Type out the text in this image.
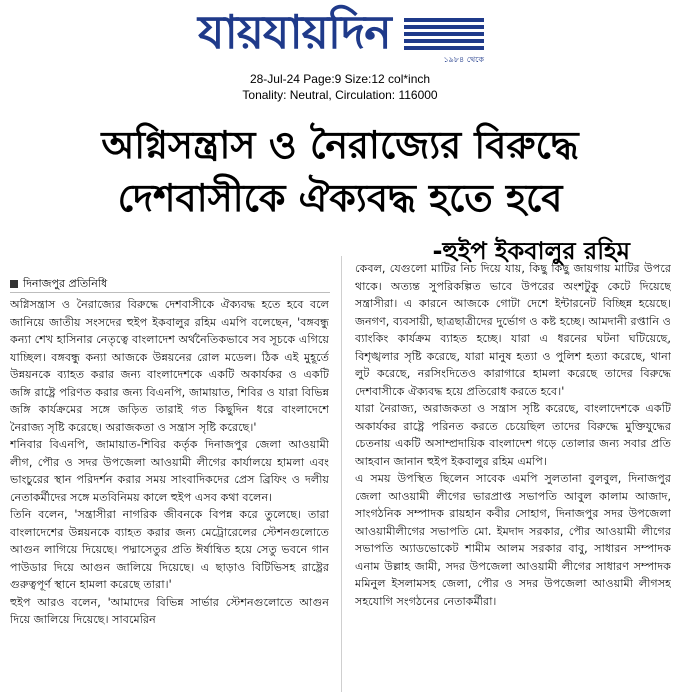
যায়যায়দিন
১৯৮৪ থেকে
28-Jul-24 Page:9 Size:12 col*inch
Tonality: Neutral, Circulation: 116000
অগ্নিসন্ত্রাস ও নৈরাজ্যের বিরুদ্ধে
দেশবাসীকে ঐক্যবদ্ধ হতে হবে
-হুইপ ইকবালুর রহিম
দিনাজপুর প্রতিনিধি

অগ্নিসন্ত্রাস ও নৈরাজ্যের বিরুদ্ধে দেশবাসীকে ঐক্যবদ্ধ হতে হবে বলে জানিয়ে জাতীয় সংসদের হুইপ ইকবালুর রহিম এমপি বলেছেন, 'বঙ্গবন্ধু কন্যা শেখ হাসিনার নেতৃত্বে বাংলাদেশ অর্থনৈতিকভাবে সব সূচকে এগিয়ে যাচ্ছিল। বঙ্গবন্ধু কন্যা আজকে উন্নয়নের রোল মডেল। ঠিক এই মুহূর্তে উন্নয়নকে ব্যাহত করার জন্য বাংলাদেশকে একটি অকার্যকর ও একটি জঙ্গি রাষ্ট্রে পরিণত করার জন্য বিএনপি, জামায়াত, শিবির ও যারা বিভিন্ন জঙ্গি কার্যক্রমের সঙ্গে জড়িত তারাই গত কিছুদিন ধরে বাংলাদেশে নৈরাজ্য সৃষ্টি করেছে। অরাজকতা ও সন্ত্রাস সৃষ্টি করেছে।'

শনিবার বিএনপি, জামায়াত-শিবির কর্তৃক দিনাজপুর জেলা আওয়ামী লীগ, পৌর ও সদর উপজেলা আওয়ামী লীগের কার্যালয়ে হামলা এবং ভাংচুরের স্থান পরিদর্শন করার সময় সাংবাদিকদের প্রেস ব্রিফিং ও দলীয় নেতাকর্মীদের সঙ্গে মতবিনিময় কালে হুইপ এসব কথা বলেন।

তিনি বলেন, 'সন্ত্রাসীরা নাগরিক জীবনকে বিপন্ন করে তুলেছে। তারা বাংলাদেশের উন্নয়নকে ব্যাহত করার জন্য মেট্রোরেলের স্টেশনগুলোতে আগুন লাগিয়ে দিয়েছে। পদ্মাসেতুর প্রতি ঈর্ষান্বিত হয়ে সেতু ভবনে গান পাউডার দিয়ে আগুন জালিয়ে দিয়েছে। এ ছাড়াও বিটিভিসহ রাষ্ট্রের গুরুত্বপূর্ণ স্থানে হামলা করেছে তারা।'

হুইপ আরও বলেন, 'আমাদের বিভিন্ন সার্ভার স্টেশনগুলোতে আগুন দিয়ে জালিয়ে দিয়েছে। সাবমেরিন

কেবল, যেগুলো মাটির নিচ দিয়ে যায়, কিছু কিছু জায়গায় মাটির উপরে থাকে। অত্যন্ত সুপরিকল্পিত ভাবে উপরের অংশটুকু কেটে দিয়েছে সন্ত্রাসীরা। এ কারনে আজকে গোটা দেশে ইন্টারনেট বিচ্ছিন্ন হয়েছে। জনগণ, ব্যবসায়ী, ছাত্রছাত্রীদের দুর্ভোগ ও কষ্ট হচ্ছে। আমদানী রপ্তানি ও ব্যাংকিং কার্যক্রম ব্যাহত হচ্ছে। যারা এ ধরনের ঘটনা ঘটিয়েছে, বিশৃঙ্খলার সৃষ্টি করেছে, যারা মানুষ হত্যা ও পুলিশ হত্যা করেছে, থানা লুট করেছে, নরসিংদিতেও কারাগারে হামলা করেছে তাদের বিরুদ্ধে দেশবাসীকে ঐক্যবদ্ধ হয়ে প্রতিরোধ করতে হবে।'

যারা নৈরাজ্য, অরাজকতা ও সন্ত্রাস সৃষ্টি করেছে, বাংলাদেশকে একটি অকার্যকর রাষ্ট্রে পরিনত করতে চেয়েছিল তাদের বিরুদ্ধে মুক্তিযুদ্ধের চেতনায় একটি অসাম্প্রদায়িক বাংলাদেশ গড়ে তোলার জন্য সবার প্রতি আহবান জানান হুইপ ইকবালুর রহিম এমপি।

এ সময় উপস্থিত ছিলেন সাবেক এমপি সুলতানা বুলবুল, দিনাজপুর জেলা আওয়ামী লীগের ভারপ্রাপ্ত সভাপতি আবুল কালাম আজাদ, সাংগঠনিক সম্পাদক রায়হান কবীর সোহাগ, দিনাজপুর সদর উপজেলা আওয়ামীলীগের সভাপতি মো. ইমদাদ সরকার, পৌর আওয়ামী লীগের সভাপতি অ্যাডভোকেট শামীম আলম সরকার বাবু, সাধারন সম্পাদক এনাম উল্লাহ জামী, সদর উপজেলা আওয়ামী লীগের সাধারণ সম্পাদক মমিনুল ইসলামসহ জেলা, পৌর ও সদর উপজেলা আওয়ামী লীগসহ সহযোগি সংগঠনের নেতাকর্মীরা।
